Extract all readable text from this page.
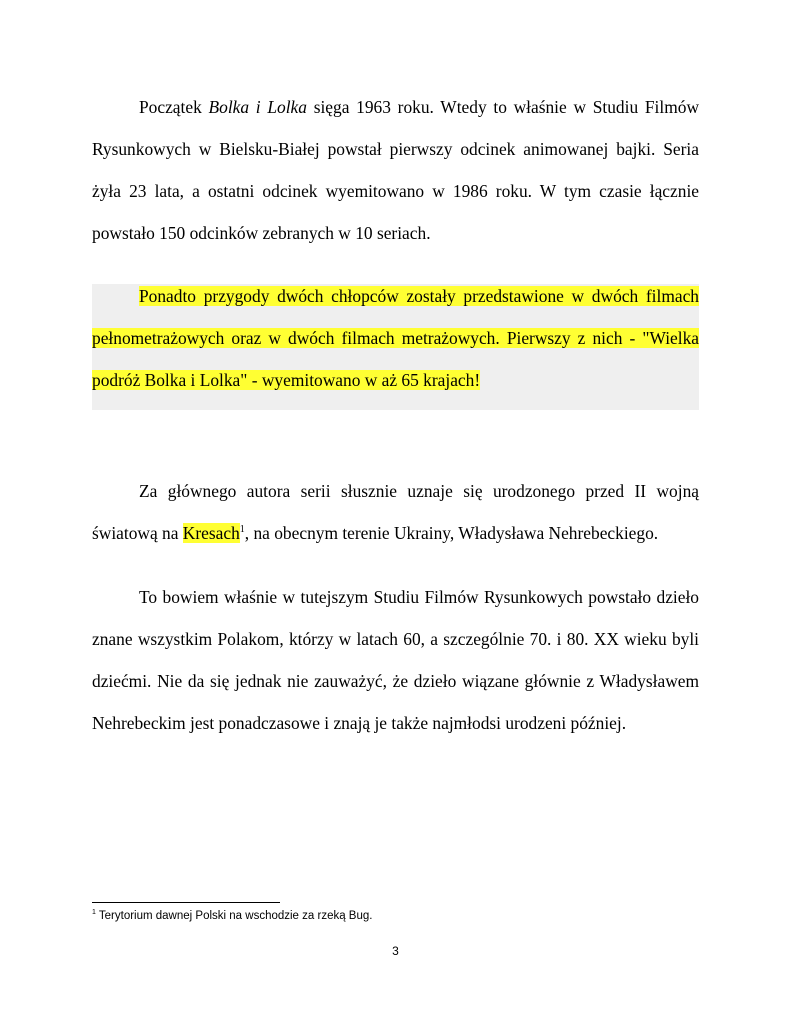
Początek Bolka i Lolka sięga 1963 roku. Wtedy to właśnie w Studiu Filmów Rysunkowych w Bielsku-Białej powstał pierwszy odcinek animowanej bajki. Seria żyła 23 lata, a ostatni odcinek wyemitowano w 1986 roku. W tym czasie łącznie powstało 150 odcinków zebranych w 10 seriach.

Ponadto przygody dwóch chłopców zostały przedstawione w dwóch filmach pełnometrażowych oraz w dwóch filmach metrażowych. Pierwszy z nich - "Wielka podróż Bolka i Lolka" - wyemitowano w aż 65 krajach!

Za głównego autora serii słusznie uznaje się urodzonego przed II wojną światową na Kresach$^1$, na obecnym terenie Ukrainy, Władysława Nehrebeckiego.

To bowiem właśnie w tutejszym Studiu Filmów Rysunkowych powstało dzieło znane wszystkim Polakom, którzy w latach 60, a szczególnie 70. i 80. XX wieku byli dziećmi. Nie da się jednak nie zauważyć, że dzieło wiązane głównie z Władysławem Nehrebeckim jest ponadczasowe i znają je także najmłodsi urodzeni później.

$^1$ Terytorium dawnej Polski na wschodzie za rzeką Bug.

3
